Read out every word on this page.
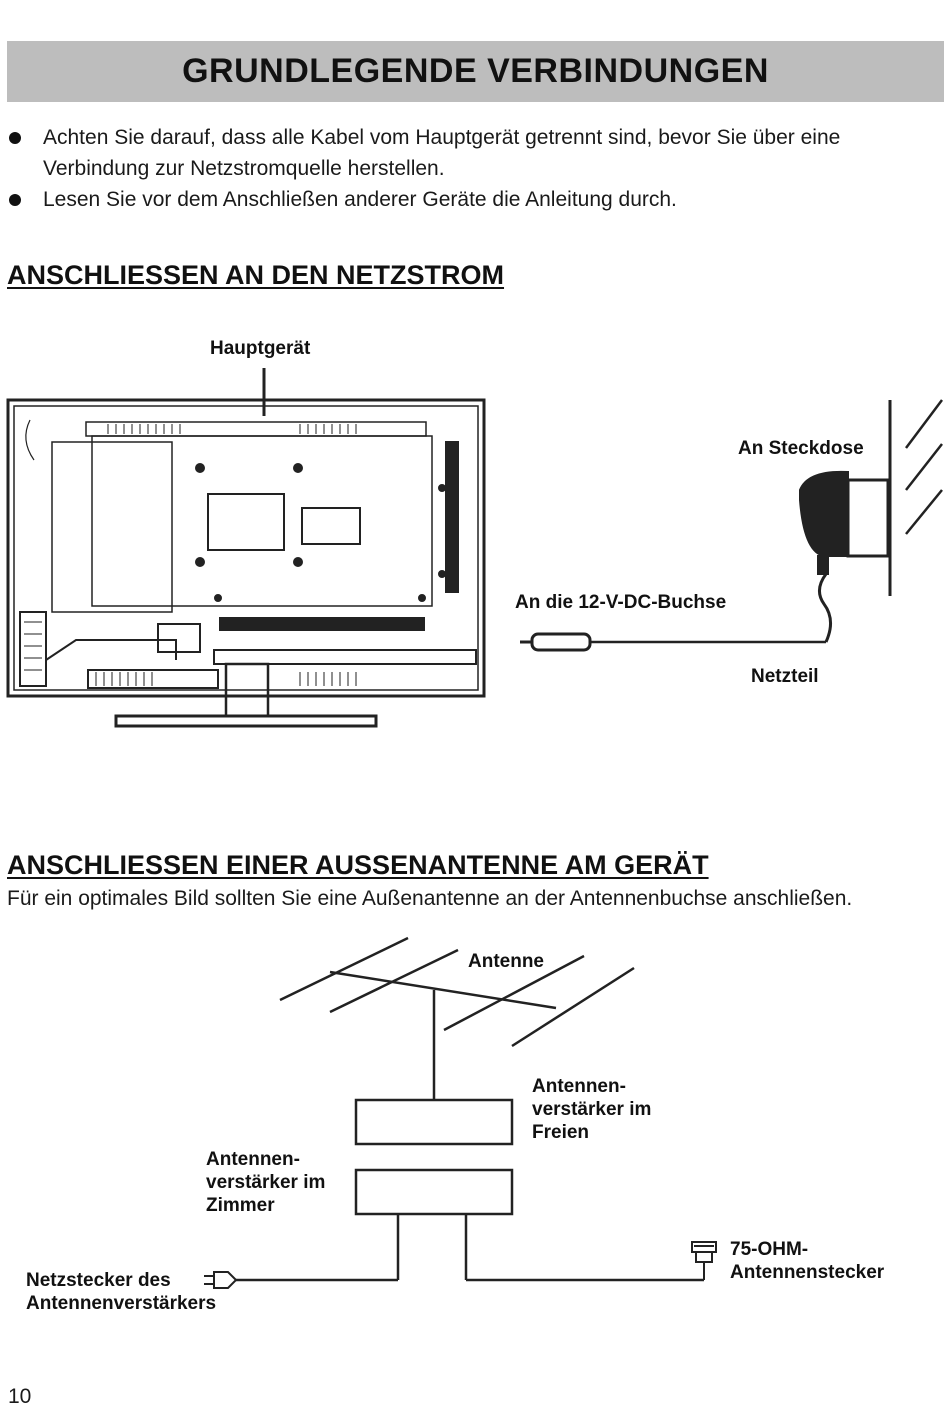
GRUNDLEGENDE VERBINDUNGEN
Achten Sie darauf, dass alle Kabel vom Hauptgerät getrennt sind, bevor Sie über eine Verbindung zur Netzstromquelle herstellen.
Lesen Sie vor dem Anschließen anderer Geräte die Anleitung durch.
ANSCHLIESSEN AN DEN NETZSTROM
Hauptgerät
An Steckdose
An die 12-V-DC-Buchse
Netzteil
ANSCHLIESSEN EINER AUSSENANTENNE AM GERÄT
Für ein optimales Bild sollten Sie eine Außenantenne an der Antennenbuchse anschließen.
Antenne
Antennen-
verstärker im
Freien
Antennen-
verstärker im
Zimmer
Netzstecker des
Antennenverstärkers
75-OHM-
Antennenstecker
10
